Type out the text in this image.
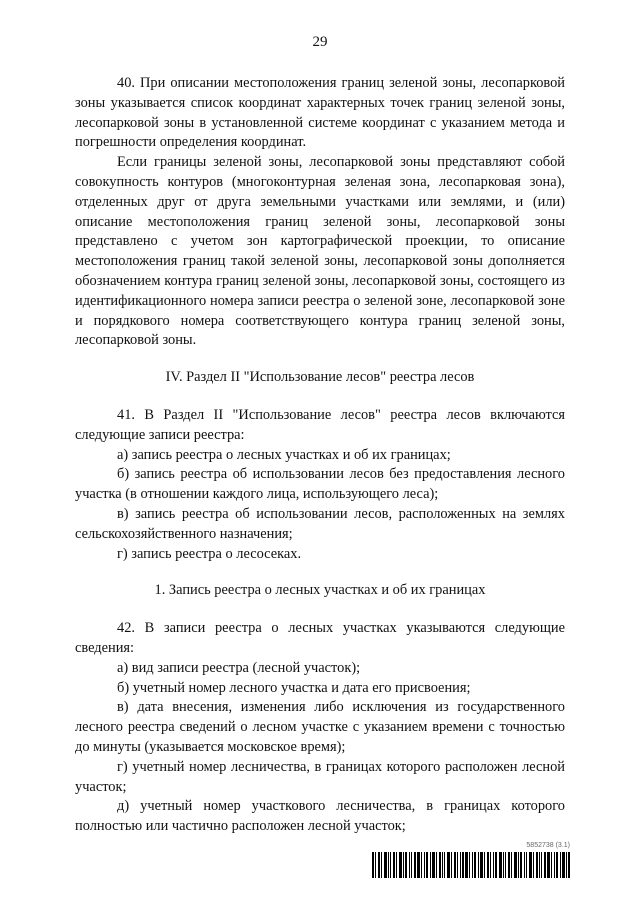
29

40. При описании местоположения границ зеленой зоны, лесопарковой зоны указывается список координат характерных точек границ зеленой зоны, лесопарковой зоны в установленной системе координат с указанием метода и погрешности определения координат.

Если границы зеленой зоны, лесопарковой зоны представляют собой совокупность контуров (многоконтурная зеленая зона, лесопарковая зона), отделенных друг от друга земельными участками или землями, и (или) описание местоположения границ зеленой зоны, лесопарковой зоны представлено с учетом зон картографической проекции, то описание местоположения границ такой зеленой зоны, лесопарковой зоны дополняется обозначением контура границ зеленой зоны, лесопарковой зоны, состоящего из идентификационного номера записи реестра о зеленой зоне, лесопарковой зоне и порядкового номера соответствующего контура границ зеленой зоны, лесопарковой зоны.

IV. Раздел II "Использование лесов" реестра лесов

41. В Раздел II "Использование лесов" реестра лесов включаются следующие записи реестра:

а) запись реестра о лесных участках и об их границах;

б) запись реестра об использовании лесов без предоставления лесного участка (в отношении каждого лица, использующего леса);

в) запись реестра об использовании лесов, расположенных на землях сельскохозяйственного назначения;

г) запись реестра о лесосеках.

1. Запись реестра о лесных участках и об их границах

42. В записи реестра о лесных участках указываются следующие сведения:

а) вид записи реестра (лесной участок);

б) учетный номер лесного участка и дата его присвоения;

в) дата внесения, изменения либо исключения из государственного лесного реестра сведений о лесном участке с указанием времени с точностью до минуты (указывается московское время);

г) учетный номер лесничества, в границах которого расположен лесной участок;

д) учетный номер участкового лесничества, в границах которого полностью или частично расположен лесной участок;

5852738 (3.1)
